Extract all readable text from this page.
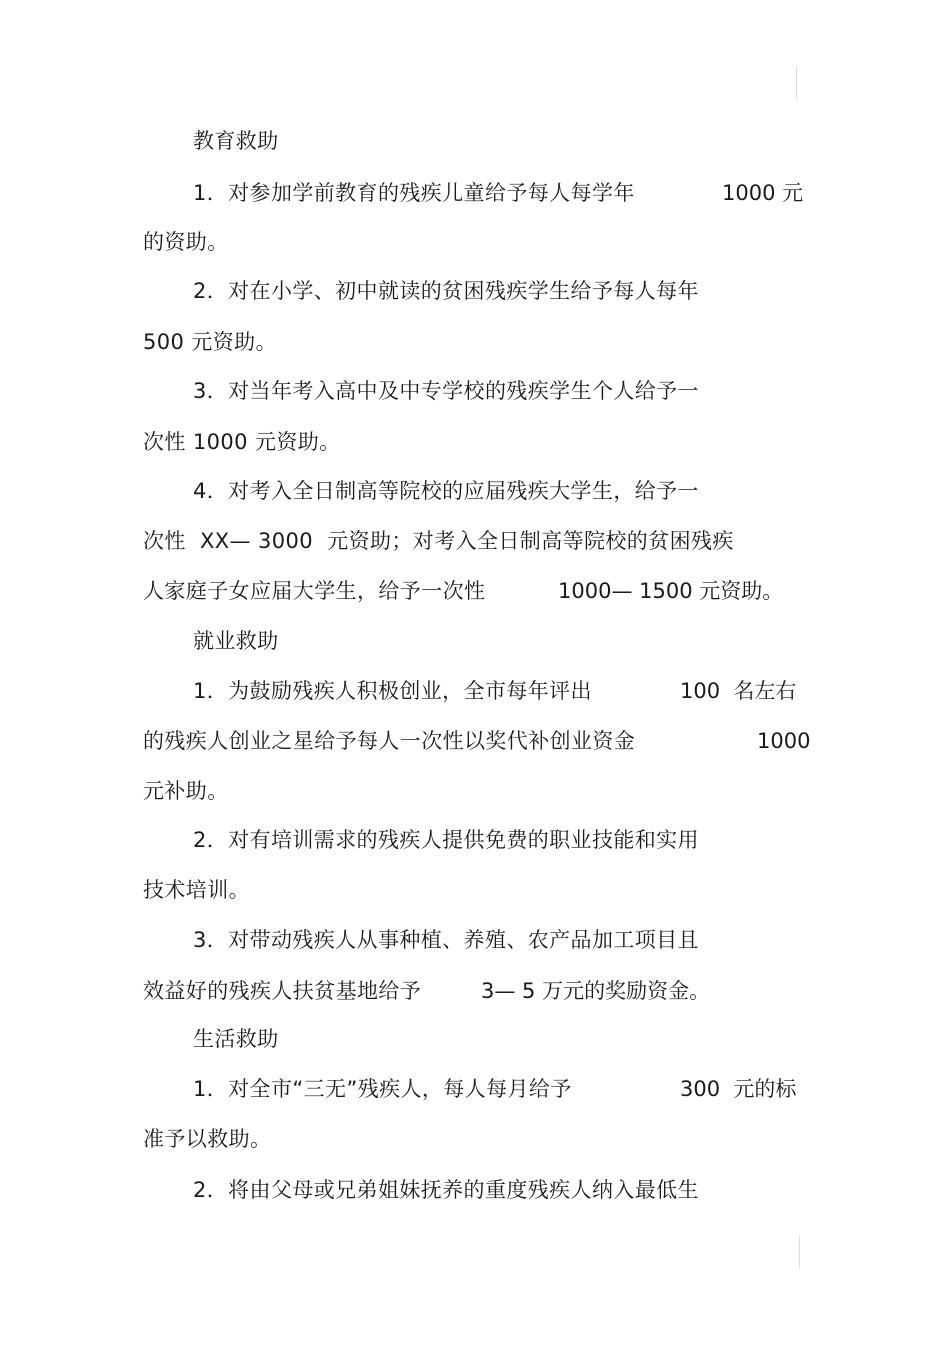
教育救助
1．对参加学前教育的残疾儿童给予每人每学年	1000 元
的资助。
2．对在小学、初中就读的贫困残疾学生给予每人每年
500 元资助。
3．对当年考入高中及中专学校的残疾学生个人给予一
次性 1000 元资助。
4．对考入全日制高等院校的应届残疾大学生，给予一
次性  XX— 3000  元资助；对考入全日制高等院校的贫困残疾
人家庭子女应届大学生，给予一次性	1000— 1500 元资助。
就业救助
1．为鼓励残疾人积极创业，全市每年评出	100  名左右
的残疾人创业之星给予每人一次性以奖代补创业资金	1000
元补助。
2．对有培训需求的残疾人提供免费的职业技能和实用
技术培训。
3．对带动残疾人从事种植、养殖、农产品加工项目且
效益好的残疾人扶贫基地给予	3— 5 万元的奖励资金。
生活救助
1．对全市“三无”残疾人，每人每月给予	300  元的标
准予以救助。
2．将由父母或兄弟姐妹抚养的重度残疾人纳入最低生
